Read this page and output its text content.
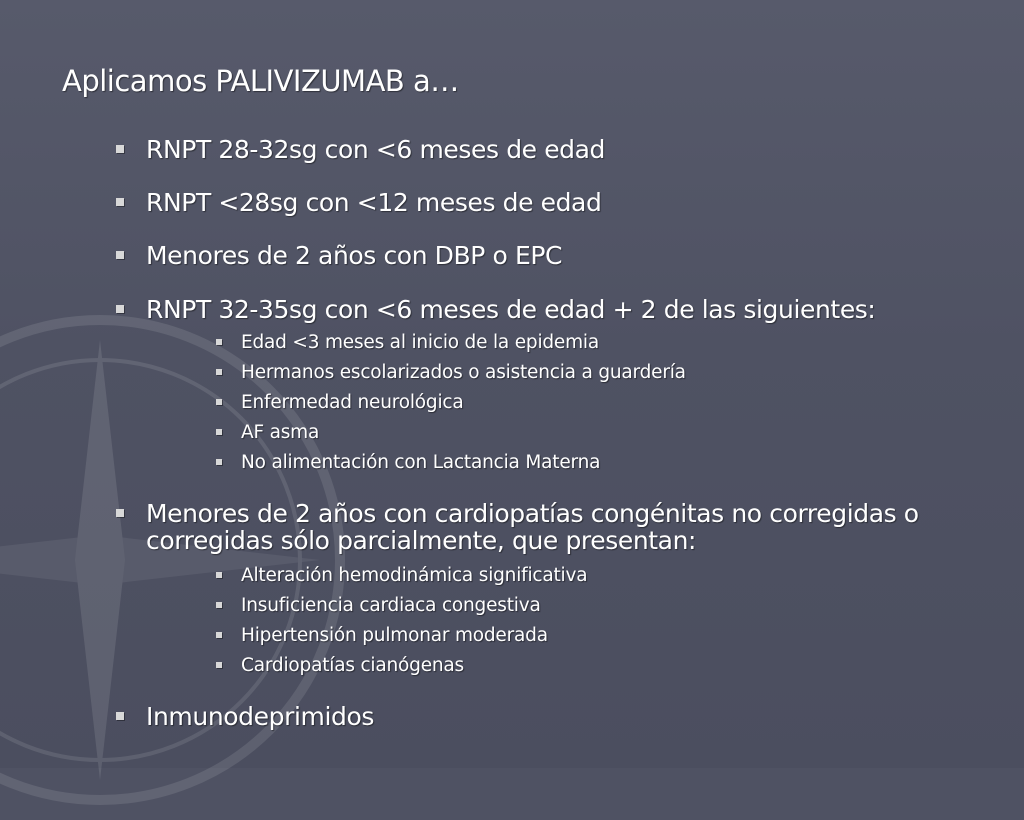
Aplicamos PALIVIZUMAB a…
RNPT 28-32sg con <6 meses de edad
RNPT <28sg con <12 meses de edad
Menores de 2 años con DBP o EPC
RNPT 32-35sg con <6 meses de edad + 2 de las siguientes:
Edad <3 meses al inicio de la epidemia
Hermanos escolarizados o asistencia a guardería
Enfermedad neurológica
AF asma
No alimentación con Lactancia Materna
Menores de 2 años con cardiopatías congénitas no corregidas o corregidas sólo parcialmente, que presentan:
Alteración hemodinámica significativa
Insuficiencia cardiaca congestiva
Hipertensión pulmonar moderada
Cardiopatías cianógenas
Inmunodeprimidos
